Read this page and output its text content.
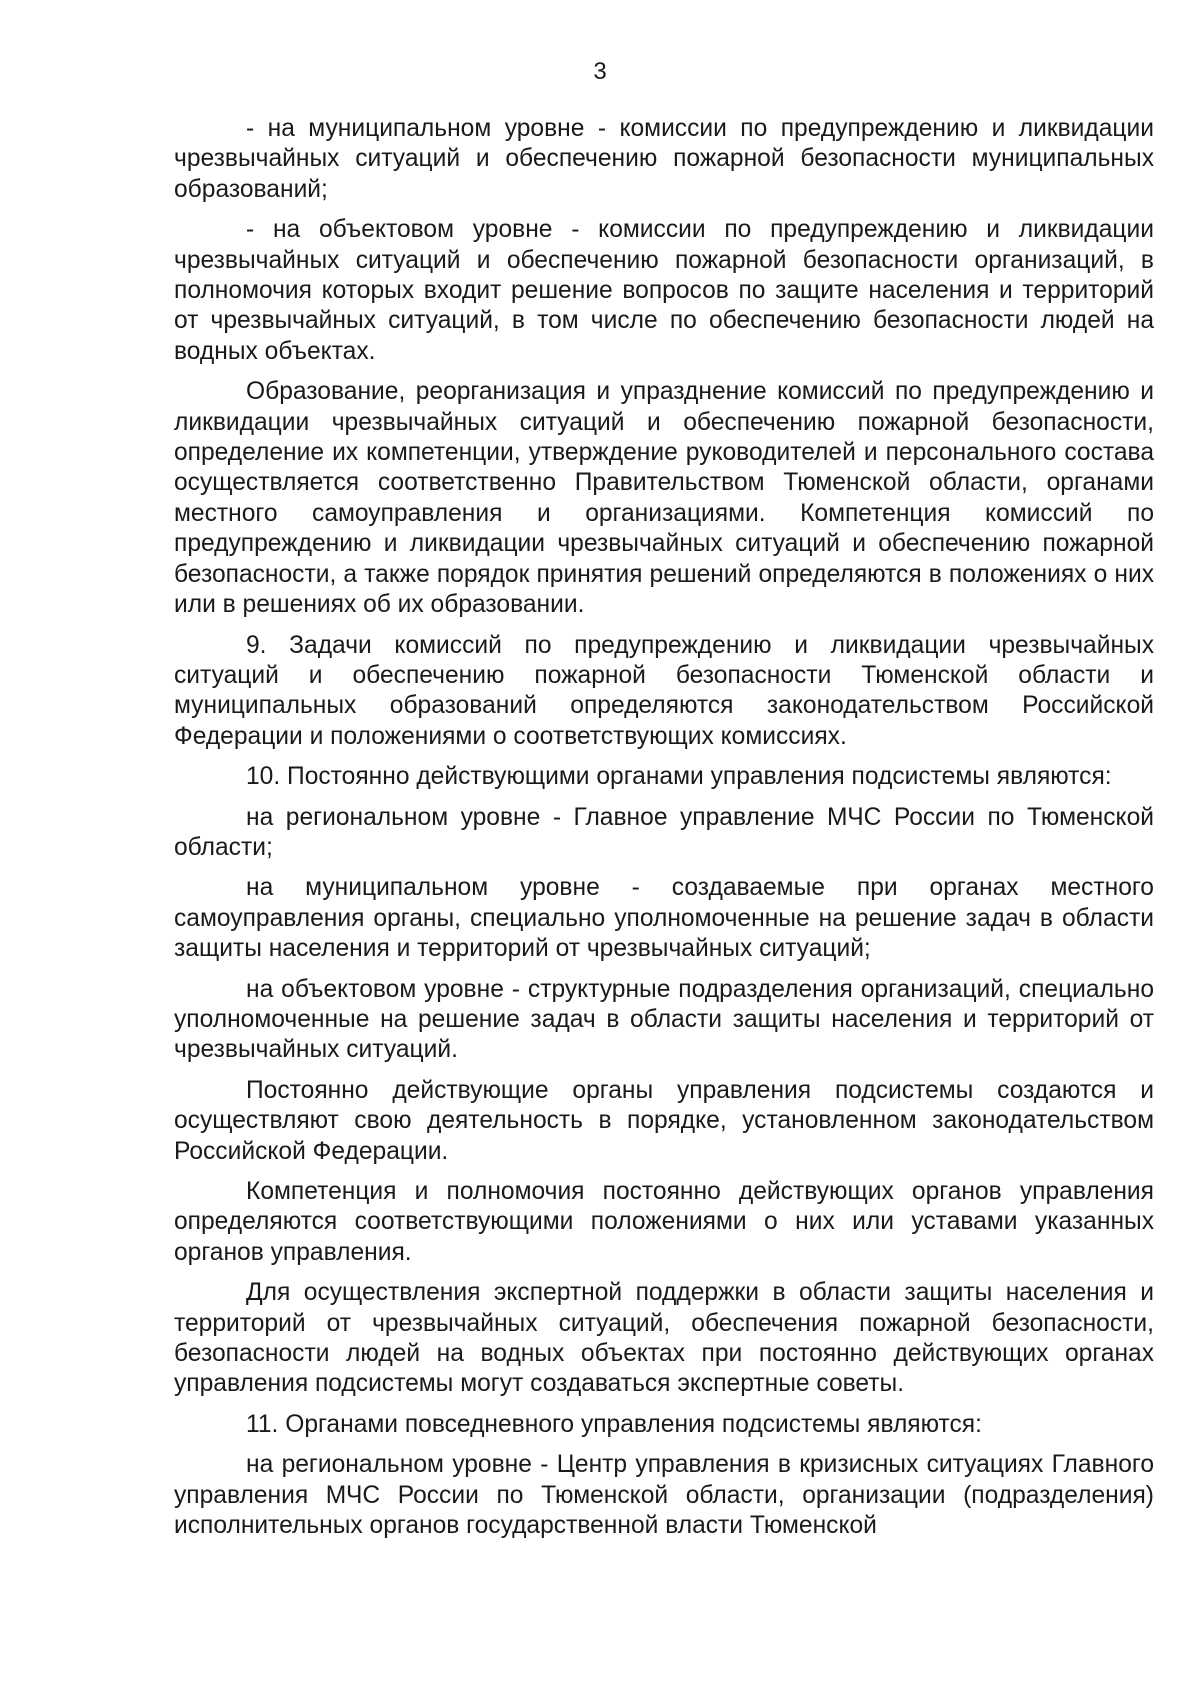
3

- на муниципальном уровне - комиссии по предупреждению и ликвидации чрезвычайных ситуаций и обеспечению пожарной безопасности муниципальных образований;

- на объектовом уровне - комиссии по предупреждению и ликвидации чрезвычайных ситуаций и обеспечению пожарной безопасности организаций, в полномочия которых входит решение вопросов по защите населения и территорий от чрезвычайных ситуаций, в том числе по обеспечению безопасности людей на водных объектах.

Образование, реорганизация и упразднение комиссий по предупреждению и ликвидации чрезвычайных ситуаций и обеспечению пожарной безопасности, определение их компетенции, утверждение руководителей и персонального состава осуществляется соответственно Правительством Тюменской области, органами местного самоуправления и организациями. Компетенция комиссий по предупреждению и ликвидации чрезвычайных ситуаций и обеспечению пожарной безопасности, а также порядок принятия решений определяются в положениях о них или в решениях об их образовании.

9. Задачи комиссий по предупреждению и ликвидации чрезвычайных ситуаций и обеспечению пожарной безопасности Тюменской области и муниципальных образований определяются законодательством Российской Федерации и положениями о соответствующих комиссиях.

10. Постоянно действующими органами управления подсистемы являются:

на региональном уровне - Главное управление МЧС России по Тюменской области;

на муниципальном уровне - создаваемые при органах местного самоуправления органы, специально уполномоченные на решение задач в области защиты населения и территорий от чрезвычайных ситуаций;

на объектовом уровне - структурные подразделения организаций, специально уполномоченные на решение задач в области защиты населения и территорий от чрезвычайных ситуаций.

Постоянно действующие органы управления подсистемы создаются и осуществляют свою деятельность в порядке, установленном законодательством Российской Федерации.

Компетенция и полномочия постоянно действующих органов управления определяются соответствующими положениями о них или уставами указанных органов управления.

Для осуществления экспертной поддержки в области защиты населения и территорий от чрезвычайных ситуаций, обеспечения пожарной безопасности, безопасности людей на водных объектах при постоянно действующих органах управления подсистемы могут создаваться экспертные советы.

11. Органами повседневного управления подсистемы являются:

на региональном уровне - Центр управления в кризисных ситуациях Главного управления МЧС России по Тюменской области, организации (подразделения) исполнительных органов государственной власти Тюменской
